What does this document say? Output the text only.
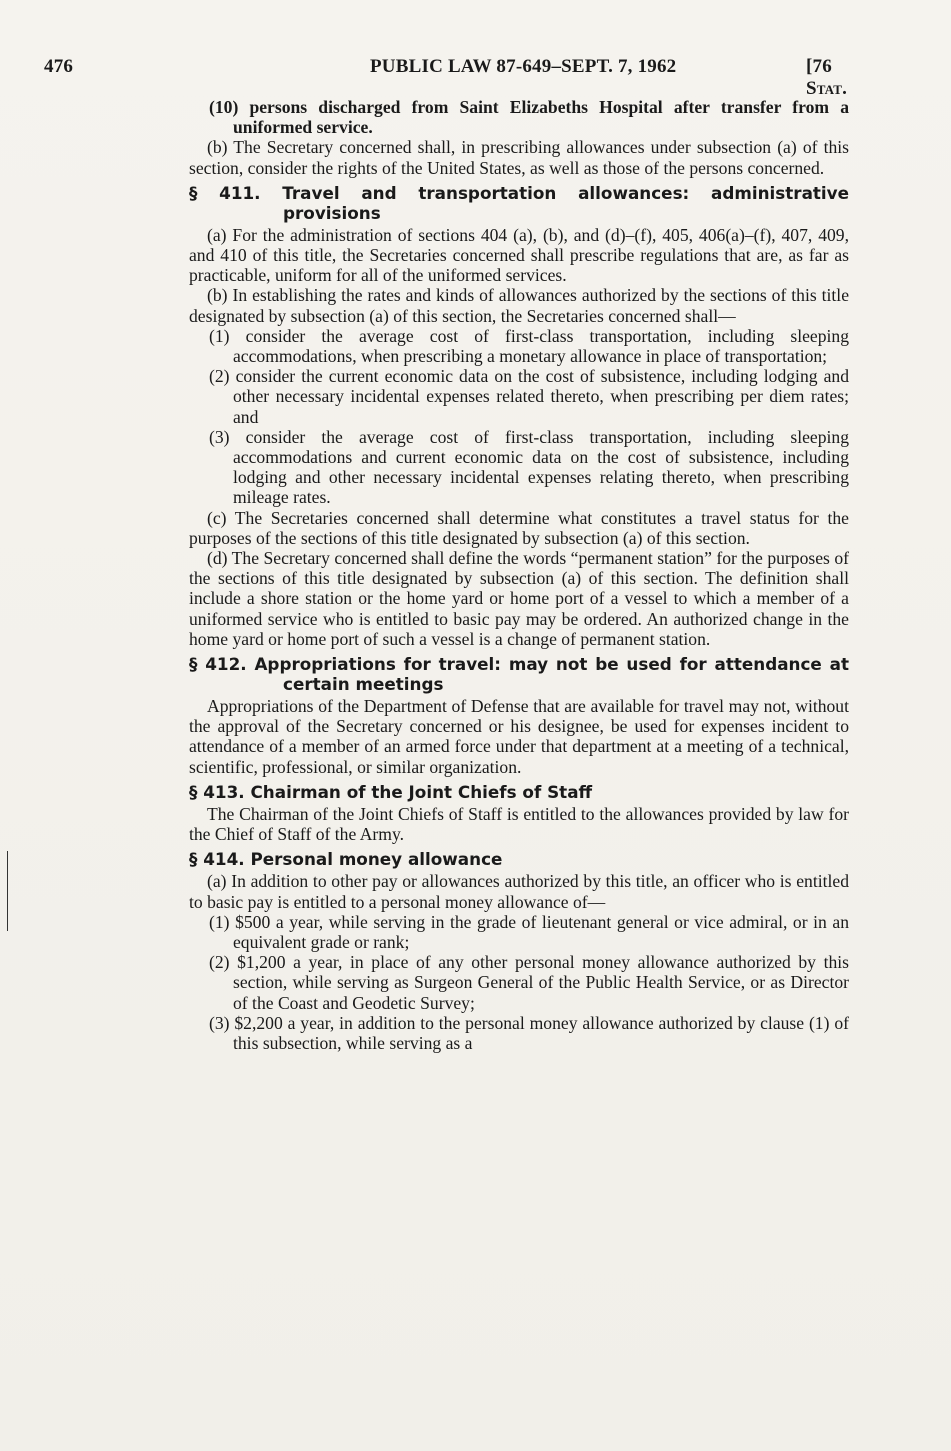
476	PUBLIC LAW 87-649–SEPT. 7, 1962	[76 Stat.

(10) persons discharged from Saint Elizabeths Hospital after transfer from a uniformed service.

(b) The Secretary concerned shall, in prescribing allowances under subsection (a) of this section, consider the rights of the United States, as well as those of the persons concerned.

§ 411. Travel and transportation allowances: administrative provisions

(a) For the administration of sections 404 (a), (b), and (d)–(f), 405, 406(a)–(f), 407, 409, and 410 of this title, the Secretaries concerned shall prescribe regulations that are, as far as practicable, uniform for all of the uniformed services.

(b) In establishing the rates and kinds of allowances authorized by the sections of this title designated by subsection (a) of this section, the Secretaries concerned shall—

(1) consider the average cost of first-class transportation, including sleeping accommodations, when prescribing a monetary allowance in place of transportation;

(2) consider the current economic data on the cost of subsistence, including lodging and other necessary incidental expenses related thereto, when prescribing per diem rates; and

(3) consider the average cost of first-class transportation, including sleeping accommodations and current economic data on the cost of subsistence, including lodging and other necessary incidental expenses relating thereto, when prescribing mileage rates.

(c) The Secretaries concerned shall determine what constitutes a travel status for the purposes of the sections of this title designated by subsection (a) of this section.

(d) The Secretary concerned shall define the words “permanent station” for the purposes of the sections of this title designated by subsection (a) of this section. The definition shall include a shore station or the home yard or home port of a vessel to which a member of a uniformed service who is entitled to basic pay may be ordered. An authorized change in the home yard or home port of such a vessel is a change of permanent station.

§ 412. Appropriations for travel: may not be used for attendance at certain meetings

Appropriations of the Department of Defense that are available for travel may not, without the approval of the Secretary concerned or his designee, be used for expenses incident to attendance of a member of an armed force under that department at a meeting of a technical, scientific, professional, or similar organization.

§ 413. Chairman of the Joint Chiefs of Staff

The Chairman of the Joint Chiefs of Staff is entitled to the allowances provided by law for the Chief of Staff of the Army.

§ 414. Personal money allowance

(a) In addition to other pay or allowances authorized by this title, an officer who is entitled to basic pay is entitled to a personal money allowance of—

(1) $500 a year, while serving in the grade of lieutenant general or vice admiral, or in an equivalent grade or rank;

(2) $1,200 a year, in place of any other personal money allowance authorized by this section, while serving as Surgeon General of the Public Health Service, or as Director of the Coast and Geodetic Survey;

(3) $2,200 a year, in addition to the personal money allowance authorized by clause (1) of this subsection, while serving as a
